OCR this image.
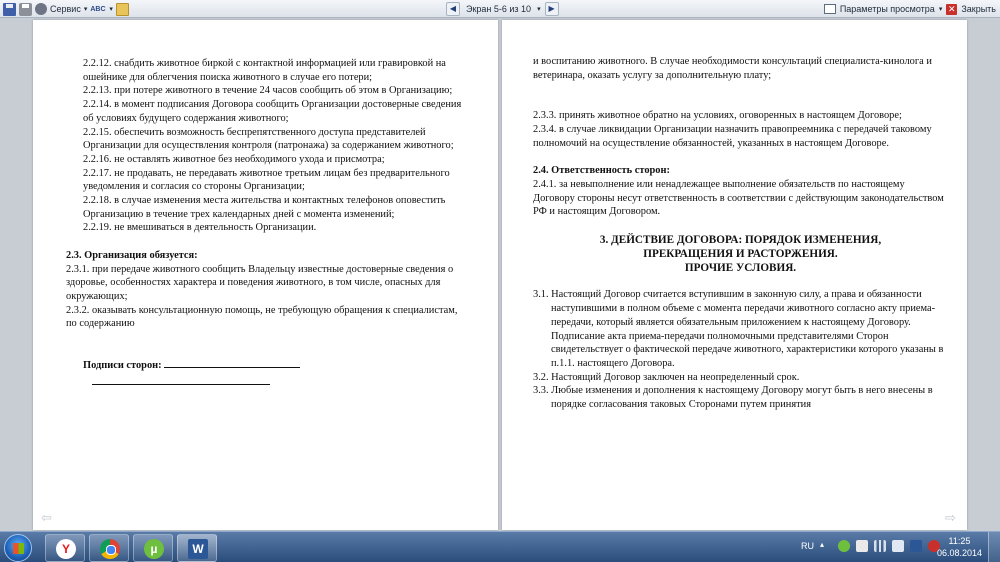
Сервис ▾ ABC ▾	◀	Экран 5-6 из 10 ▾ ▶	Параметры просмотра ▾ ✕ Закрыть

2.2.12. снабдить животное биркой с контактной информацией или гравировкой на ошейнике для облегчения поиска животного в случае его потери;

2.2.13. при потере животного в течение 24 часов сообщить об этом в Организацию;

2.2.14. в момент подписания Договора сообщить Организации достоверные сведения об условиях будущего содержания животного;

2.2.15. обеспечить возможность беспрепятственного доступа представителей Организации для осуществления контроля (патронажа) за содержанием животного;

2.2.16. не оставлять животное без необходимого ухода и присмотра;

2.2.17. не продавать, не передавать животное третьим лицам без предварительного уведомления и согласия со стороны Организации;

2.2.18. в случае изменения места жительства и контактных телефонов оповестить Организацию в течение трех календарных дней с момента изменений;

2.2.19. не вмешиваться в деятельность Организации.

2.3. Организация обязуется:

2.3.1. при передаче животного сообщить Владельцу известные достоверные сведения о здоровье, особенностях характера и поведения животного, в том числе, опасных для окружающих;

2.3.2. оказывать консультационную помощь, не требующую обращения к специалистам, по содержанию

Подписи сторон:

⇦

и воспитанию животного. В случае необходимости консультаций специалиста-кинолога и ветеринара, оказать услугу за дополнительную плату;

2.3.3. принять животное обратно на условиях, оговоренных в настоящем Договоре;

2.3.4. в случае ликвидации Организации назначить правопреемника с передачей таковому полномочий на осуществление обязанностей, указанных в настоящем Договоре.

2.4. Ответственность сторон:

2.4.1. за невыполнение или ненадлежащее выполнение обязательств по настоящему Договору стороны несут ответственность в соответствии с действующим законодательством РФ и настоящим Договором.

3. ДЕЙСТВИЕ ДОГОВОРА: ПОРЯДОК ИЗМЕНЕНИЯ,

ПРЕКРАЩЕНИЯ И РАСТОРЖЕНИЯ.

ПРОЧИЕ УСЛОВИЯ.

3.1. Настоящий Договор считается вступившим в законную силу, а права и обязанности наступившими в полном объеме с момента передачи животного согласно акту приема-передачи, который является обязательным приложением к настоящему Договору. Подписание акта приема-передачи полномочными представителями Сторон свидетельствует о фактической передаче животного, характеристики которого указаны в п.1.1. настоящего Договора.

3.2. Настоящий Договор заключен на неопределенный срок.

3.3. Любые изменения и дополнения к настоящему Договору могут быть в него внесены в порядке согласования таковых Сторонами путем принятия

⇨
Y	µ	W	RU ▴	11:25
06.08.2014
